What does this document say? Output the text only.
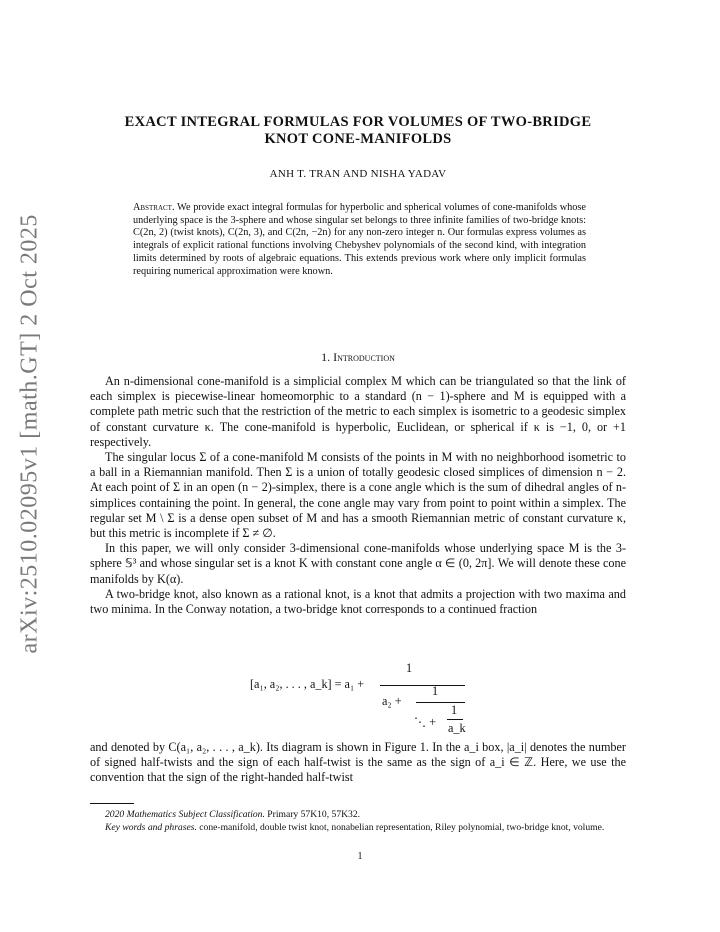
arXiv:2510.02095v1 [math.GT] 2 Oct 2025
EXACT INTEGRAL FORMULAS FOR VOLUMES OF TWO-BRIDGE
KNOT CONE-MANIFOLDS
ANH T. TRAN AND NISHA YADAV
Abstract. We provide exact integral formulas for hyperbolic and spherical volumes of cone-manifolds whose underlying space is the 3-sphere and whose singular set belongs to three infinite families of two-bridge knots: C(2n, 2) (twist knots), C(2n, 3), and C(2n, −2n) for any non-zero integer n. Our formulas express volumes as integrals of explicit rational functions involving Chebyshev polynomials of the second kind, with integration limits determined by roots of algebraic equations. This extends previous work where only implicit formulas requiring numerical approximation were known.
1. Introduction

An n-dimensional cone-manifold is a simplicial complex M which can be triangulated so that the link of each simplex is piecewise-linear homeomorphic to a standard (n − 1)-sphere and M is equipped with a complete path metric such that the restriction of the metric to each simplex is isometric to a geodesic simplex of constant curvature κ. The cone-manifold is hyperbolic, Euclidean, or spherical if κ is −1, 0, or +1 respectively.

The singular locus Σ of a cone-manifold M consists of the points in M with no neighborhood isometric to a ball in a Riemannian manifold. Then Σ is a union of totally geodesic closed simplices of dimension n − 2. At each point of Σ in an open (n − 2)-simplex, there is a cone angle which is the sum of dihedral angles of n-simplices containing the point. In general, the cone angle may vary from point to point within a simplex. The regular set M \ Σ is a dense open subset of M and has a smooth Riemannian metric of constant curvature κ, but this metric is incomplete if Σ ≠ ∅.

In this paper, we will only consider 3-dimensional cone-manifolds whose underlying space M is the 3-sphere 𝕊³ and whose singular set is a knot K with constant cone angle α ∈ (0, 2π]. We will denote these cone manifolds by K(α).

A two-bridge knot, also known as a rational knot, is a knot that admits a projection with two maxima and two minima. In the Conway notation, a two-bridge knot corresponds to a continued fraction

[a₁, a₂, . . . , a_k] = a₁ +
1
a₂ +
1
⋱ +
1
a_k

and denoted by C(a₁, a₂, . . . , a_k). Its diagram is shown in Figure 1. In the a_i box, |a_i| denotes the number of signed half-twists and the sign of each half-twist is the same as the sign of a_i ∈ ℤ. Here, we use the convention that the sign of the right-handed half-twist

2020 Mathematics Subject Classification. Primary 57K10, 57K32.
Key words and phrases. cone-manifold, double twist knot, nonabelian representation, Riley polynomial, two-bridge knot, volume.
1
